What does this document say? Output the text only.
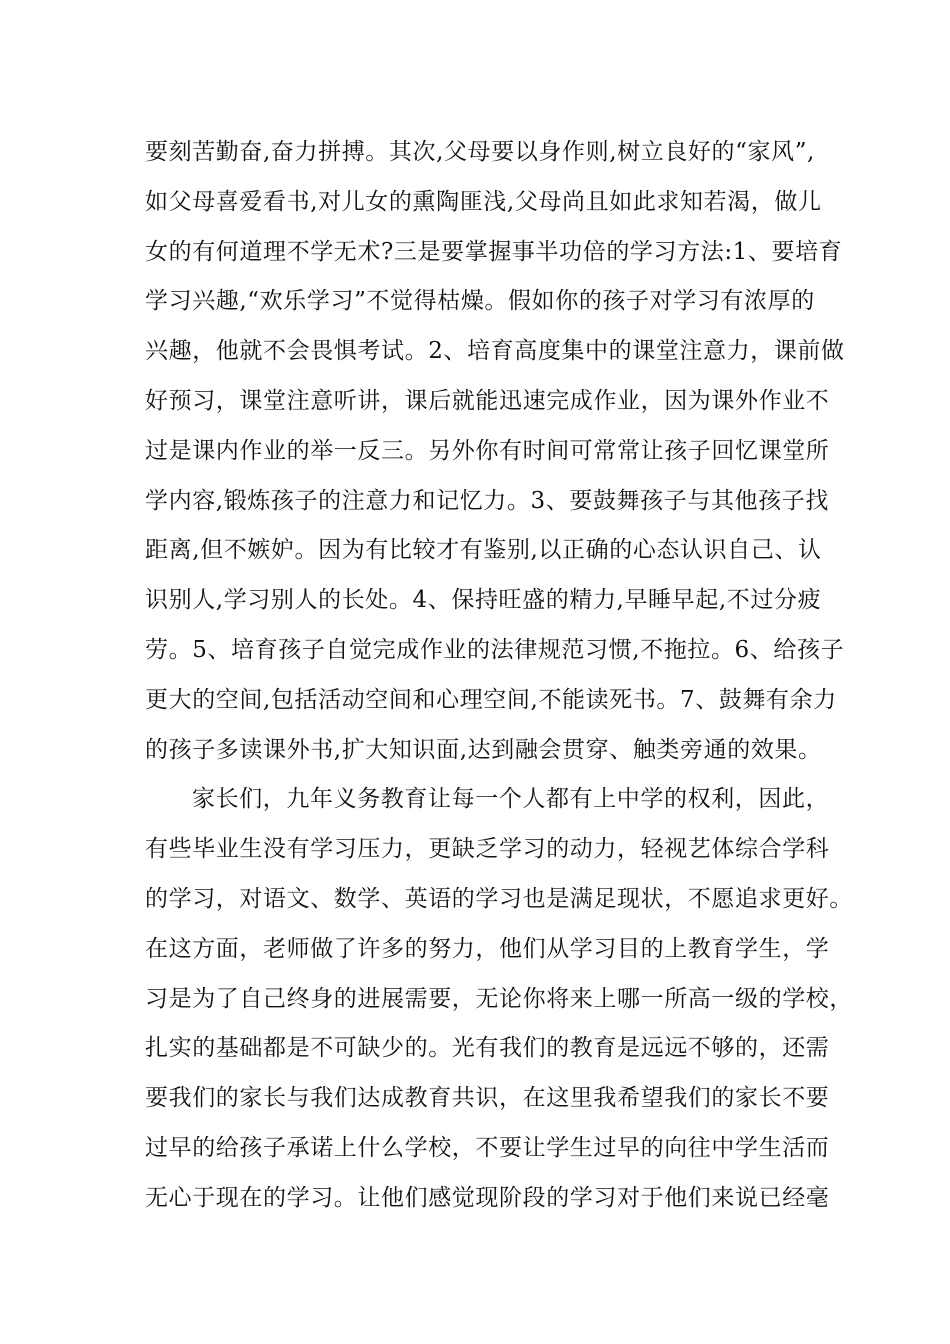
要刻苦勤奋,奋力拼搏。其次,父母要以身作则,树立良好的“家风”,
如父母喜爱看书,对儿女的熏陶匪浅,父母尚且如此求知若渴，做儿
女的有何道理不学无术?三是要掌握事半功倍的学习方法:1、要培育
学习兴趣,“欢乐学习”不觉得枯燥。假如你的孩子对学习有浓厚的
兴趣，他就不会畏惧考试。2、培育高度集中的课堂注意力，课前做
好预习，课堂注意听讲，课后就能迅速完成作业，因为课外作业不
过是课内作业的举一反三。另外你有时间可常常让孩子回忆课堂所
学内容,锻炼孩子的注意力和记忆力。3、要鼓舞孩子与其他孩子找
距离,但不嫉妒。因为有比较才有鉴别,以正确的心态认识自己、认
识别人,学习别人的长处。4、保持旺盛的精力,早睡早起,不过分疲
劳。5、培育孩子自觉完成作业的法律规范习惯,不拖拉。6、给孩子
更大的空间,包括活动空间和心理空间,不能读死书。7、鼓舞有余力
的孩子多读课外书,扩大知识面,达到融会贯穿、触类旁通的效果。
家长们，九年义务教育让每一个人都有上中学的权利，因此，
有些毕业生没有学习压力，更缺乏学习的动力，轻视艺体综合学科
的学习，对语文、数学、英语的学习也是满足现状，不愿追求更好。
在这方面，老师做了许多的努力，他们从学习目的上教育学生，学
习是为了自己终身的进展需要，无论你将来上哪一所高一级的学校，
扎实的基础都是不可缺少的。光有我们的教育是远远不够的，还需
要我们的家长与我们达成教育共识，在这里我希望我们的家长不要
过早的给孩子承诺上什么学校，不要让学生过早的向往中学生活而
无心于现在的学习。让他们感觉现阶段的学习对于他们来说已经毫
